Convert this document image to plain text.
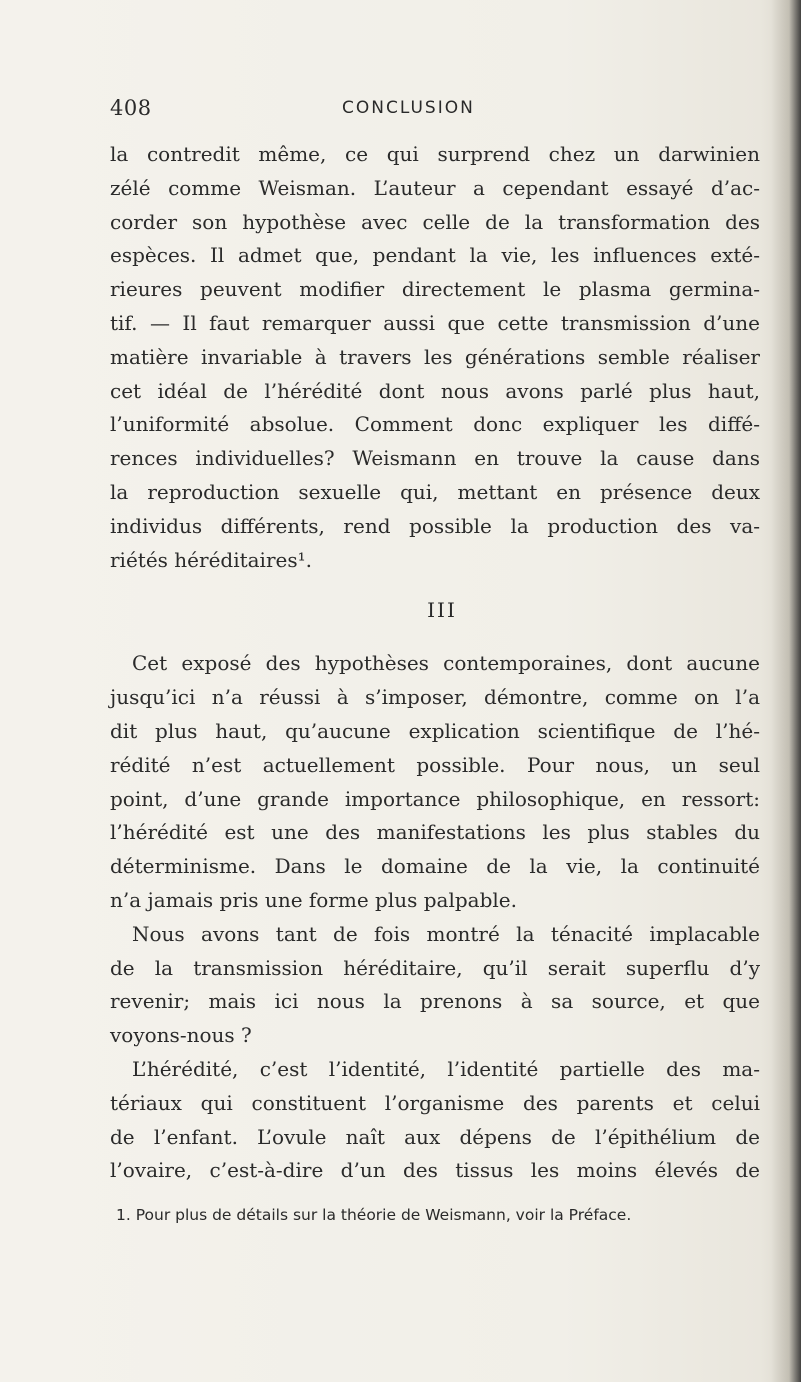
408	CONCLUSION
la contredit même, ce qui surprend chez un darwinien
zélé comme Weisman. L’auteur a cependant essayé d’ac-
corder son hypothèse avec celle de la transformation des
espèces. Il admet que, pendant la vie, les influences exté-
rieures peuvent modifier directement le plasma germina-
tif. — Il faut remarquer aussi que cette transmission d’une
matière invariable à travers les générations semble réaliser
cet idéal de l’hérédité dont nous avons parlé plus haut,
l’uniformité absolue. Comment donc expliquer les diffé-
rences individuelles? Weismann en trouve la cause dans
la reproduction sexuelle qui, mettant en présence deux
individus différents, rend possible la production des va-
riétés héréditaires¹.
III
Cet exposé des hypothèses contemporaines, dont aucune
jusqu’ici n’a réussi à s’imposer, démontre, comme on l’a
dit plus haut, qu’aucune explication scientifique de l’hé-
rédité n’est actuellement possible. Pour nous, un seul
point, d’une grande importance philosophique, en ressort:
l’hérédité est une des manifestations les plus stables du
déterminisme. Dans le domaine de la vie, la continuité
n’a jamais pris une forme plus palpable.
Nous avons tant de fois montré la ténacité implacable
de la transmission héréditaire, qu’il serait superflu d’y
revenir; mais ici nous la prenons à sa source, et que
voyons-nous ?
L’hérédité, c’est l’identité, l’identité partielle des ma-
tériaux qui constituent l’organisme des parents et celui
de l’enfant. L’ovule naît aux dépens de l’épithélium de
l’ovaire, c’est-à-dire d’un des tissus les moins élevés de
1. Pour plus de détails sur la théorie de Weismann, voir la Préface.
